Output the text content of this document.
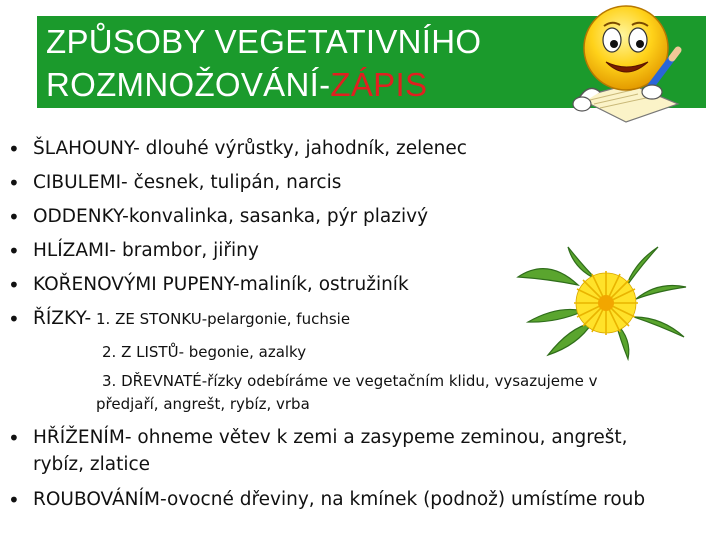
ZPŮSOBY VEGETATIVNÍHO
ROZMNOŽOVÁNÍ-ZÁPIS
• ŠLAHOUNY- dlouhé výrůstky, jahodník, zelenec
• CIBULEMI- česnek, tulipán, narcis
• ODDENKY-konvalinka, sasanka, pýr plazivý
• HLÍZAMI- brambor, jiřiny
• KOŘENOVÝMI PUPENY-maliník, ostružiník
• ŘÍZKY- 1. ZE STONKU-pelargonie, fuchsie
2. Z LISTŮ- begonie, azalky
3. DŘEVNATÉ-řízky odebíráme ve vegetačním klidu, vysazujeme v
předjaří, angrešt, rybíz, vrba
• HŘÍŽENÍM- ohneme větev k zemi a zasypeme zeminou, angrešt,
rybíz, zlatice
• ROUBOVÁNÍM-ovocné dřeviny, na kmínek (podnož) umístíme roub
